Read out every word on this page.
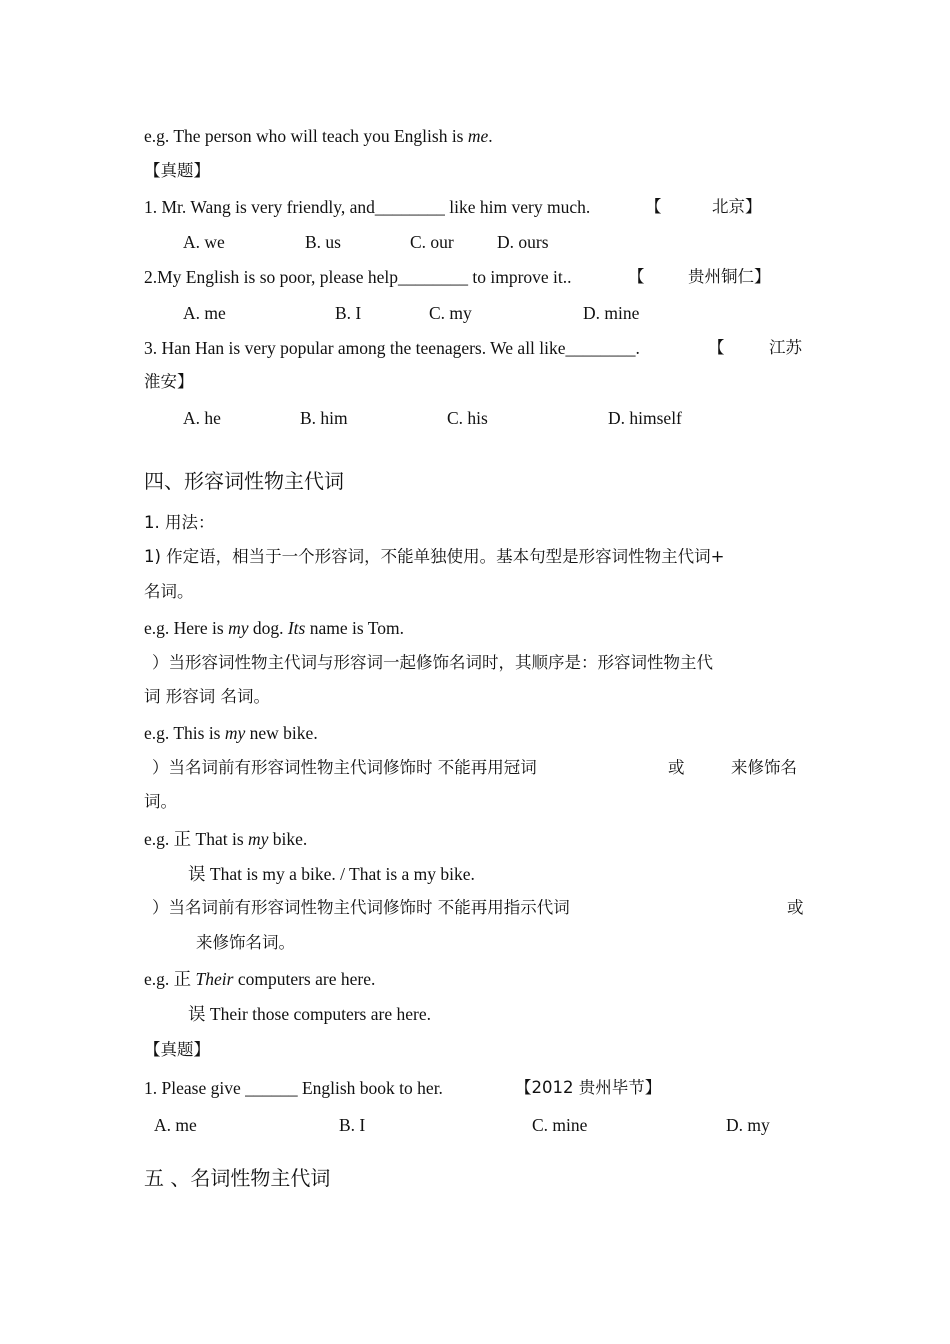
e.g. The person who will teach you English is me.
【真题】
1. Mr. Wang is very friendly, and________ like him very much.	【	北京】
A. we	B. us	C. our D. ours
2.My English is so poor, please help________ to improve it..	【	贵州铜仁】
A. me	B. I	C. my	D. mine
3. Han Han is very popular among the teenagers. We all like________.	【	江苏
淮安】
A. he	B. him	C. his	D. himself
四、形容词性物主代词
1. 用法：
1) 作定语，相当于一个形容词，不能单独使用。基本句型是形容词性物主代词+
名词。
e.g. Here is my dog. Its name is Tom.
）当形容词性物主代词与形容词一起修饰名词时，其顺序是：形容词性物主代
词 形容词 名词。
e.g. This is my new bike.
）当名词前有形容词性物主代词修饰时 不能再用冠词	或	来修饰名
词。
e.g. 正 That is my bike.
误 That is my a bike. / That is a my bike.
）当名词前有形容词性物主代词修饰时 不能再用指示代词	或
来修饰名词。
e.g. 正 Their computers are here.
误 Their those computers are here.
【真题】
1. Please give ______ English book to her.	【2012 贵州毕节】
A. me	B. I	C. mine	D. my
五 、名词性物主代词
